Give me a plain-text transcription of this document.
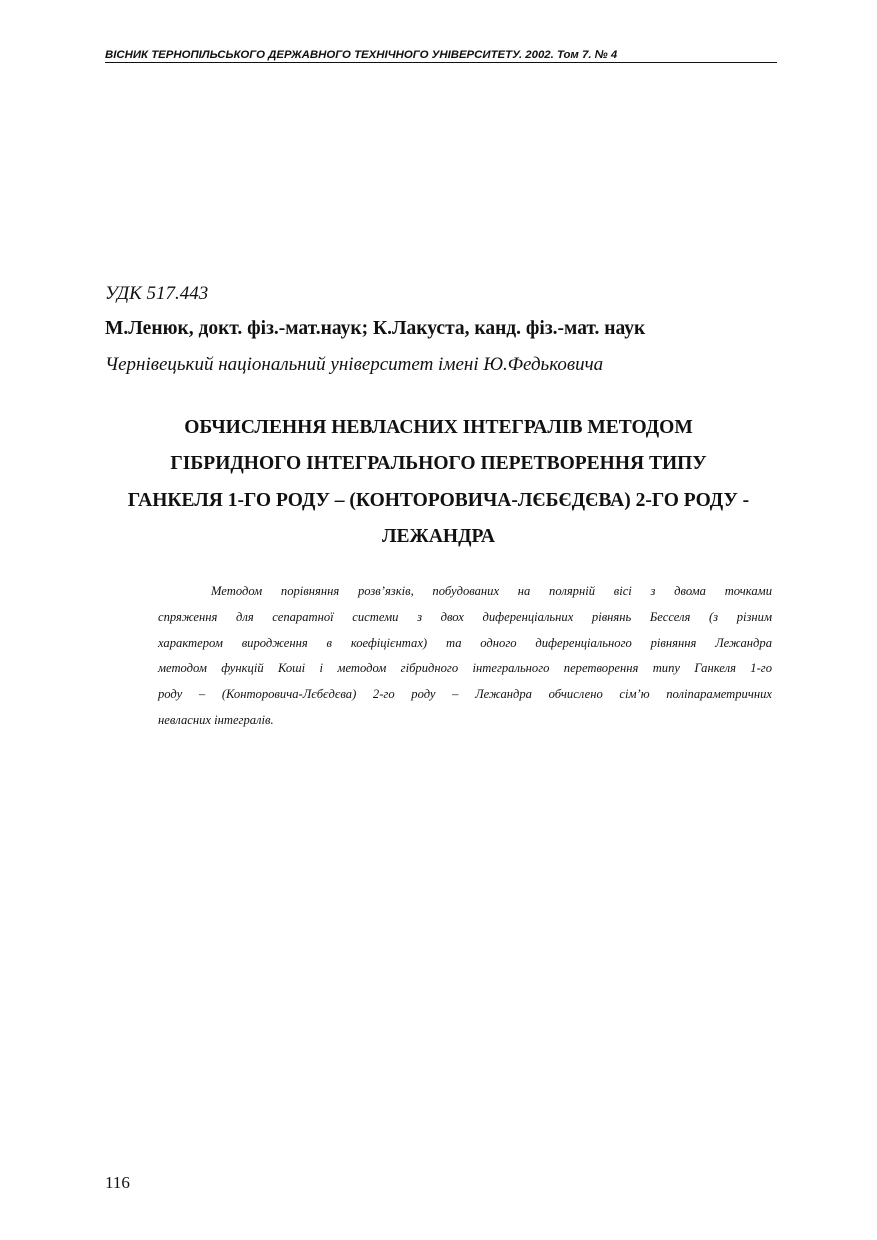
ВІСНИК ТЕРНОПІЛЬСЬКОГО ДЕРЖАВНОГО ТЕХНІЧНОГО УНІВЕРСИТЕТУ. 2002. Том 7. № 4
УДК 517.443
М.Ленюк, докт. фіз.-мат.наук; К.Лакуста, канд. фіз.-мат. наук
Чернівецький національний університет імені Ю.Федьковича
ОБЧИСЛЕННЯ НЕВЛАСНИХ ІНТЕГРАЛІВ МЕТОДОМ
ГІБРИДНОГО ІНТЕГРАЛЬНОГО ПЕРЕТВОРЕННЯ ТИПУ
ГАНКЕЛЯ 1-ГО РОДУ – (КОНТОРОВИЧА-ЛЄБЄДЄВА) 2-ГО РОДУ -
ЛЕЖАНДРА

Методом порівняння розв’язків, побудованих на полярній вісі з двома точками
спряження для сепаратної системи з двох диференціальних рівнянь Бесселя (з різним
характером виродження в коефіцієнтах) та одного диференціального рівняння Лежандра
методом функцій Коші і методом гібридного інтегрального перетворення типу Ганкеля 1-го
роду – (Конторовича-Лєбєдєва) 2-го роду – Лежандра обчислено сім’ю поліпараметричних
невласних інтегралів.

116
